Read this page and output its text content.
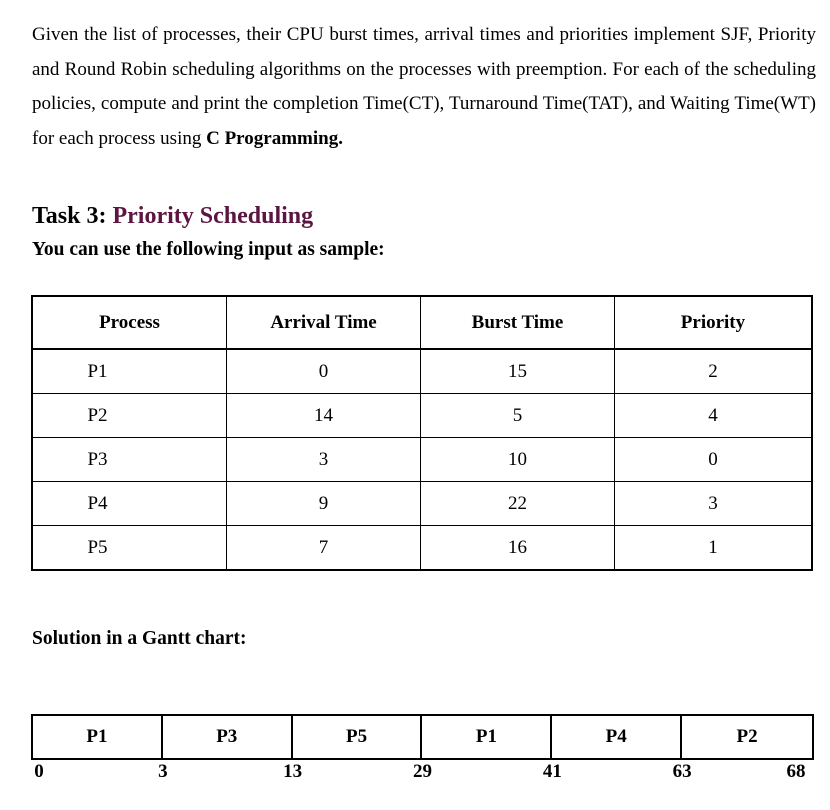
Given the list of processes, their CPU burst times, arrival times and priorities implement SJF, Priority and Round Robin scheduling algorithms on the processes with preemption. For each of the scheduling policies, compute and print the completion Time(CT), Turnaround Time(TAT), and Waiting Time(WT) for each process using C Programming.
Task 3: Priority Scheduling
You can use the following input as sample:
Process	Arrival Time	Burst Time	Priority
P1	0	15	2
P2	14	5	4
P3	3	10	0
P4	9	22	3
P5	7	16	1
Solution in a Gantt chart:
P1	P3	P5	P1	P4	P2
0	3	13	29	41	63	68
